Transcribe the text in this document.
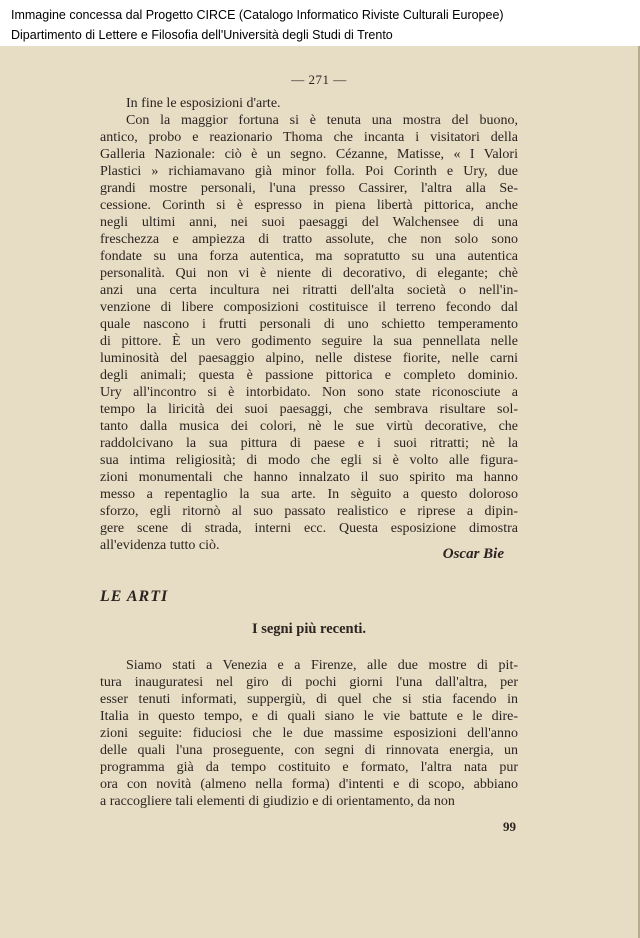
Immagine concessa dal Progetto CIRCE (Catalogo Informatico Riviste Culturali Europee)
Dipartimento di Lettere e Filosofia dell'Università degli Studi di Trento
— 271 —
In fine le esposizioni d'arte.
Con la maggior fortuna si è tenuta una mostra del buono,
antico, probo e reazionario Thoma che incanta i visitatori della
Galleria Nazionale: ciò è un segno. Cézanne, Matisse, « I Valori
Plastici » richiamavano già minor folla. Poi Corinth e Ury, due
grandi mostre personali, l'una presso Cassirer, l'altra alla Se-
cessione. Corinth si è espresso in piena libertà pittorica, anche
negli ultimi anni, nei suoi paesaggi del Walchensee di una
freschezza e ampiezza di tratto assolute, che non solo sono
fondate su una forza autentica, ma sopratutto su una autentica
personalità. Qui non vi è niente di decorativo, di elegante; chè
anzi una certa incultura nei ritratti dell'alta società o nell'in-
venzione di libere composizioni costituisce il terreno fecondo dal
quale nascono i frutti personali di uno schietto temperamento
di pittore. È un vero godimento seguire la sua pennellata nelle
luminosità del paesaggio alpino, nelle distese fiorite, nelle carni
degli animali; questa è passione pittorica e completo dominio.
Ury all'incontro si è intorbidato. Non sono state riconosciute a
tempo la liricità dei suoi paesaggi, che sembrava risultare sol-
tanto dalla musica dei colori, nè le sue virtù decorative, che
raddolcivano la sua pittura di paese e i suoi ritratti; nè la
sua intima religiosità; di modo che egli si è volto alle figura-
zioni monumentali che hanno innalzato il suo spirito ma hanno
messo a repentaglio la sua arte. In sèguito a questo doloroso
sforzo, egli ritornò al suo passato realistico e riprese a dipin-
gere scene di strada, interni ecc. Questa esposizione dimostra
all'evidenza tutto ciò.
Oscar Bie
LE ARTI
I segni più recenti.
Siamo stati a Venezia e a Firenze, alle due mostre di pit-
tura inauguratesi nel giro di pochi giorni l'una dall'altra, per
esser tenuti informati, suppergiù, di quel che si stia facendo in
Italia in questo tempo, e di quali siano le vie battute e le dire-
zioni seguite: fiduciosi che le due massime esposizioni dell'anno
delle quali l'una proseguente, con segni di rinnovata energia, un
programma già da tempo costituito e formato, l'altra nata pur
ora con novità (almeno nella forma) d'intenti e di scopo, abbiano
a raccogliere tali elementi di giudizio e di orientamento, da non
99
